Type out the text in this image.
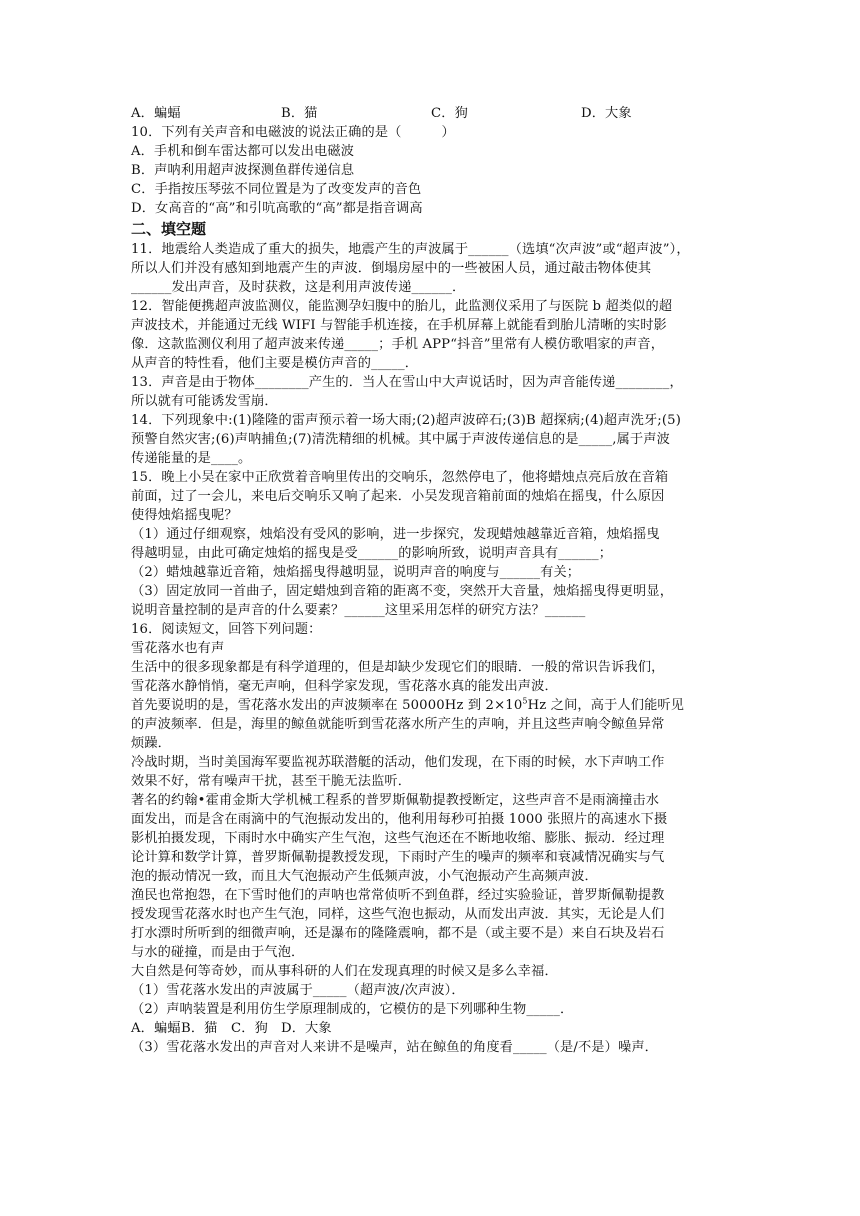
A．蝙蝠	B．猫	C．狗	D．大象
10．下列有关声音和电磁波的说法正确的是（　　　）
A．手机和倒车雷达都可以发出电磁波
B．声呐利用超声波探测鱼群传递信息
C．手指按压琴弦不同位置是为了改变发声的音色
D．女高音的“高”和引吭高歌的“高”都是指音调高
二、填空题
11．地震给人类造成了重大的损失，地震产生的声波属于______（选填“次声波”或“超声波”），
所以人们并没有感知到地震产生的声波．倒塌房屋中的一些被困人员，通过敲击物体使其
______发出声音，及时获救，这是利用声波传递______．
12．智能便携超声波监测仪，能监测孕妇腹中的胎儿，此监测仪采用了与医院 b 超类似的超
声波技术，并能通过无线 WIFI 与智能手机连接，在手机屏幕上就能看到胎儿清晰的实时影
像．这款监测仪利用了超声波来传递_____；手机 APP“抖音”里常有人模仿歌唱家的声音，
从声音的特性看，他们主要是模仿声音的_____．
13．声音是由于物体________产生的．当人在雪山中大声说话时，因为声音能传递________，
所以就有可能诱发雪崩．
14．下列现象中:(1)隆隆的雷声预示着一场大雨;(2)超声波碎石;(3)B 超探病;(4)超声洗牙;(5)
预警自然灾害;(6)声呐捕鱼;(7)清洗精细的机械。其中属于声波传递信息的是_____,属于声波
传递能量的是____。
15．晚上小吴在家中正欣赏着音响里传出的交响乐，忽然停电了，他将蜡烛点亮后放在音箱
前面，过了一会儿，来电后交响乐又响了起来．小吴发现音箱前面的烛焰在摇曳，什么原因
使得烛焰摇曳呢？
（1）通过仔细观察，烛焰没有受风的影响，进一步探究，发现蜡烛越靠近音箱，烛焰摇曳
得越明显，由此可确定烛焰的摇曳是受______的影响所致，说明声音具有______；
（2）蜡烛越靠近音箱，烛焰摇曳得越明显，说明声音的响度与______有关；
（3）固定放同一首曲子，固定蜡烛到音箱的距离不变，突然开大音量，烛焰摇曳得更明显，
说明音量控制的是声音的什么要素？______这里采用怎样的研究方法？______
16．阅读短文，回答下列问题：
雪花落水也有声
生活中的很多现象都是有科学道理的，但是却缺少发现它们的眼睛．一般的常识告诉我们，
雪花落水静悄悄，毫无声响，但科学家发现，雪花落水真的能发出声波．
首先要说明的是，雪花落水发出的声波频率在 50000Hz 到 $2\times 10^5Hz$ 之间，高于人们能听见
的声波频率．但是，海里的鲸鱼就能听到雪花落水所产生的声响，并且这些声响令鲸鱼异常
烦躁．
冷战时期，当时美国海军要监视苏联潜艇的活动，他们发现，在下雨的时候，水下声呐工作
效果不好，常有噪声干扰，甚至干脆无法监听．
著名的约翰•霍甫金斯大学机械工程系的普罗斯佩勒提教授断定，这些声音不是雨滴撞击水
面发出，而是含在雨滴中的气泡振动发出的，他利用每秒可拍摄 1000 张照片的高速水下摄
影机拍摄发现，下雨时水中确实产生气泡，这些气泡还在不断地收缩、膨胀、振动．经过理
论计算和数学计算，普罗斯佩勒提教授发现，下雨时产生的噪声的频率和衰减情况确实与气
泡的振动情况一致，而且大气泡振动产生低频声波，小气泡振动产生高频声波．
渔民也常抱怨，在下雪时他们的声呐也常常侦听不到鱼群，经过实验验证，普罗斯佩勒提教
授发现雪花落水时也产生气泡，同样，这些气泡也振动，从而发出声波．其实，无论是人们
打水漂时所听到的细微声响，还是瀑布的隆隆震响，都不是（或主要不是）来自石块及岩石
与水的碰撞，而是由于气泡．
大自然是何等奇妙，而从事科研的人们在发现真理的时候又是多么幸福．
（1）雪花落水发出的声波属于_____（超声波/次声波）．
（2）声呐装置是利用仿生学原理制成的，它模仿的是下列哪种生物_____．
A．蝙蝠 B．猫	C．狗 D．大象
（3）雪花落水发出的声音对人来讲不是噪声，站在鲸鱼的角度看_____（是/不是）噪声．
